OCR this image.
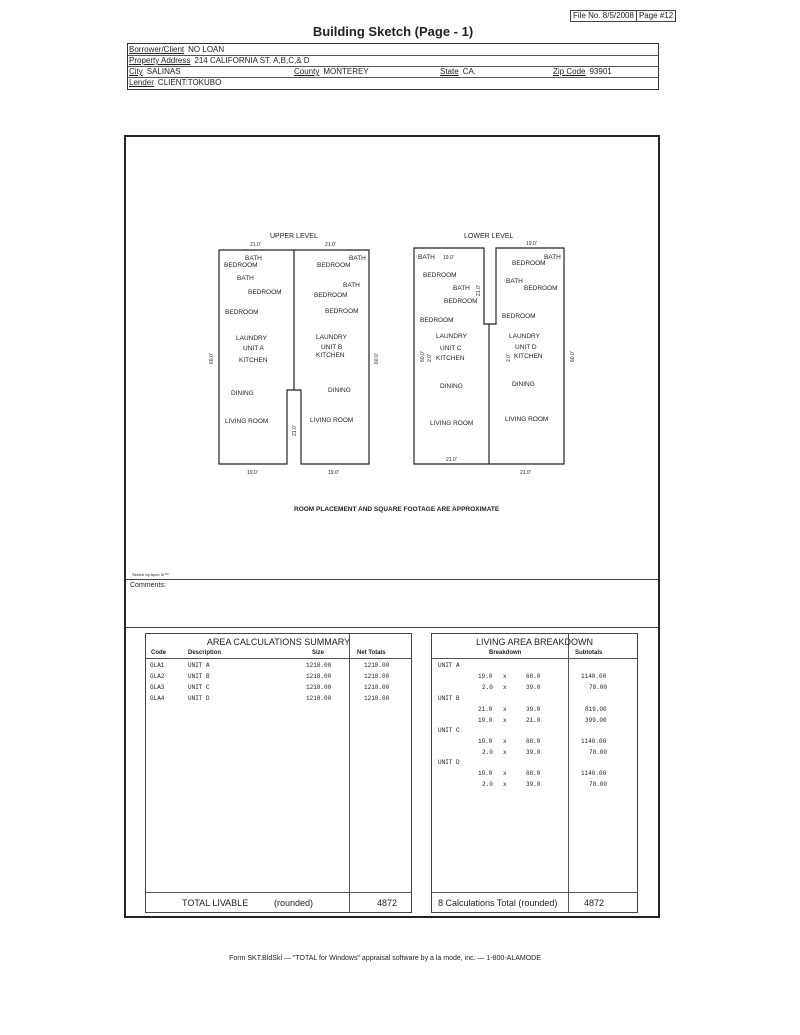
File No. 8/5/2008 Page #12
Building Sketch (Page - 1)
Borrower/Client NO LOAN
Property Address 214 CALIFORNIA ST. A,B,C,& D
City SALINAS	County MONTEREY	State CA.	Zip Code 93901
Lender CLIENT:TOKUBO
UPPER LEVEL	LOWER LEVEL
21.0'	21.0'
60.0'	60.0'
21.0'
19.0'	19.0'
BATH
BEDROOM
BATH
BEDROOM
BEDROOM
LAUNDRY
UNIT A
KITCHEN
DINING
LIVING ROOM
BATH
BEDROOM
BATH
BEDROOM
BEDROOM
LAUNDRY
UNIT B
KITCHEN
DINING
LIVING ROOM
19.0'
19.0'
21.0'
60.0' 2.0'	60.0'
2.0'
21.0'
21.0'
BATH
BEDROOM
BATH
BEDROOM
BEDROOM
LAUNDRY
UNIT C
KITCHEN
DINING
LIVING ROOM
BATH
BEDROOM
BATH
BEDROOM
BEDROOM
LAUNDRY
UNIT D
KITCHEN
DINING
LIVING ROOM
ROOM PLACEMENT AND SQUARE FOOTAGE ARE APPROXIMATE
Sketch by Apex IV™
Comments:
AREA CALCULATIONS SUMMARY
Code	Description	Size	Net Totals
GLA1	UNIT A	1218.00	1218.00
GLA2	UNIT B	1218.00	1218.00
GLA3	UNIT C	1218.00	1218.00
GLA4	UNIT D	1218.00	1218.00
TOTAL LIVABLE	(rounded)	4872
LIVING AREA BREAKDOWN
Breakdown	Subtotals
UNIT A
19.0 x	60.0	1140.00
2.0 x	39.0	78.00
UNIT B
21.0 x	39.0	819.00
19.0 x	21.0	399.00
UNIT C
19.0 x	60.0	1140.00
2.0 x	39.0	78.00
UNIT D
19.0 x	60.0	1140.00
2.0 x	39.0	78.00
8 Calculations Total (rounded)	4872
Form SKT.BldSkl — "TOTAL for Windows" appraisal software by a la mode, inc. — 1-800-ALAMODE
